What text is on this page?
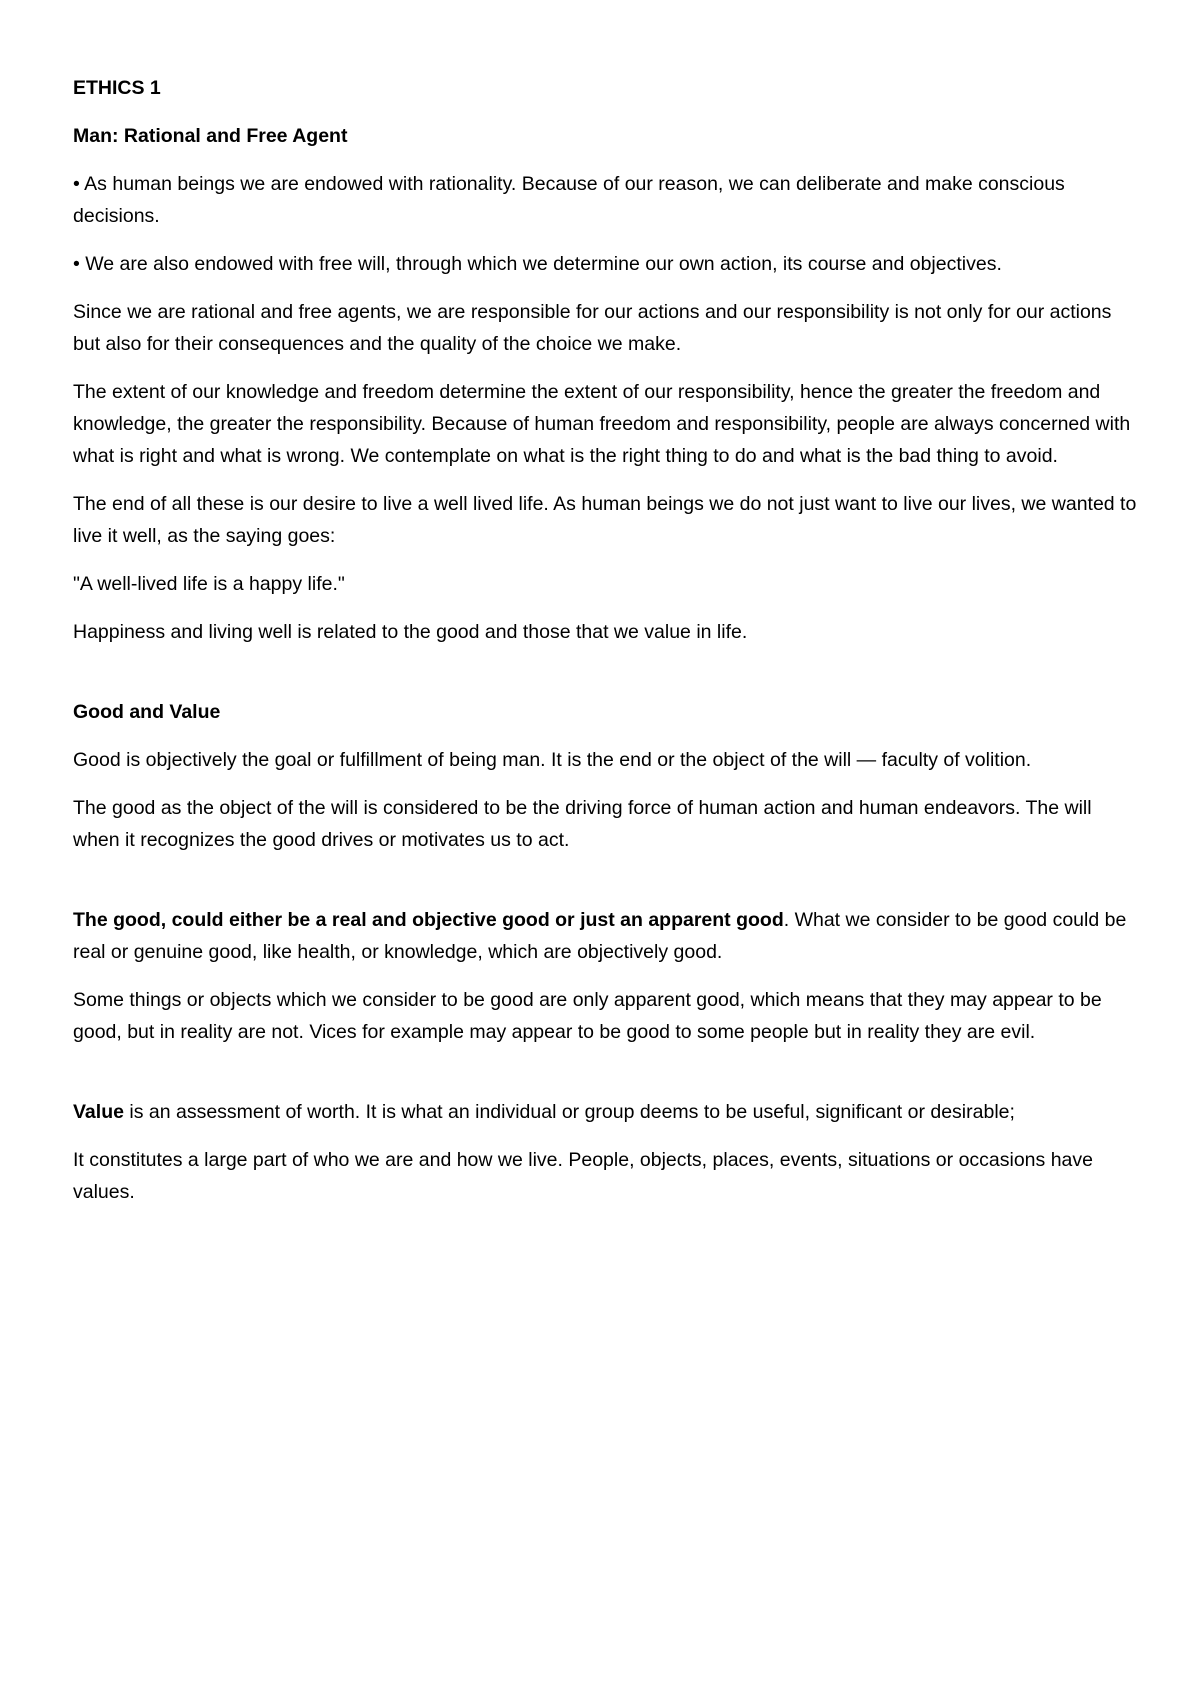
ETHICS 1

Man: Rational and Free Agent

• As human beings we are endowed with rationality. Because of our reason, we can deliberate and make conscious decisions.

• We are also endowed with free will, through which we determine our own action, its course and objectives.

Since we are rational and free agents, we are responsible for our actions and our responsibility is not only for our actions but also for their consequences and the quality of the choice we make.

The extent of our knowledge and freedom determine the extent of our responsibility, hence the greater the freedom and knowledge, the greater the responsibility. Because of human freedom and responsibility, people are always concerned with what is right and what is wrong. We contemplate on what is the right thing to do and what is the bad thing to avoid.

The end of all these is our desire to live a well lived life. As human beings we do not just want to live our lives, we wanted to live it well, as the saying goes:

"A well-lived life is a happy life."

Happiness and living well is related to the good and those that we value in life.

Good and Value

Good is objectively the goal or fulfillment of being man. It is the end or the object of the will — faculty of volition.

The good as the object of the will is considered to be the driving force of human action and human endeavors. The will when it recognizes the good drives or motivates us to act.

The good, could either be a real and objective good or just an apparent good. What we consider to be good could be real or genuine good, like health, or knowledge, which are objectively good.

Some things or objects which we consider to be good are only apparent good, which means that they may appear to be good, but in reality are not. Vices for example may appear to be good to some people but in reality they are evil.

Value is an assessment of worth. It is what an individual or group deems to be useful, significant or desirable;

It constitutes a large part of who we are and how we live. People, objects, places, events, situations or occasions have values.
